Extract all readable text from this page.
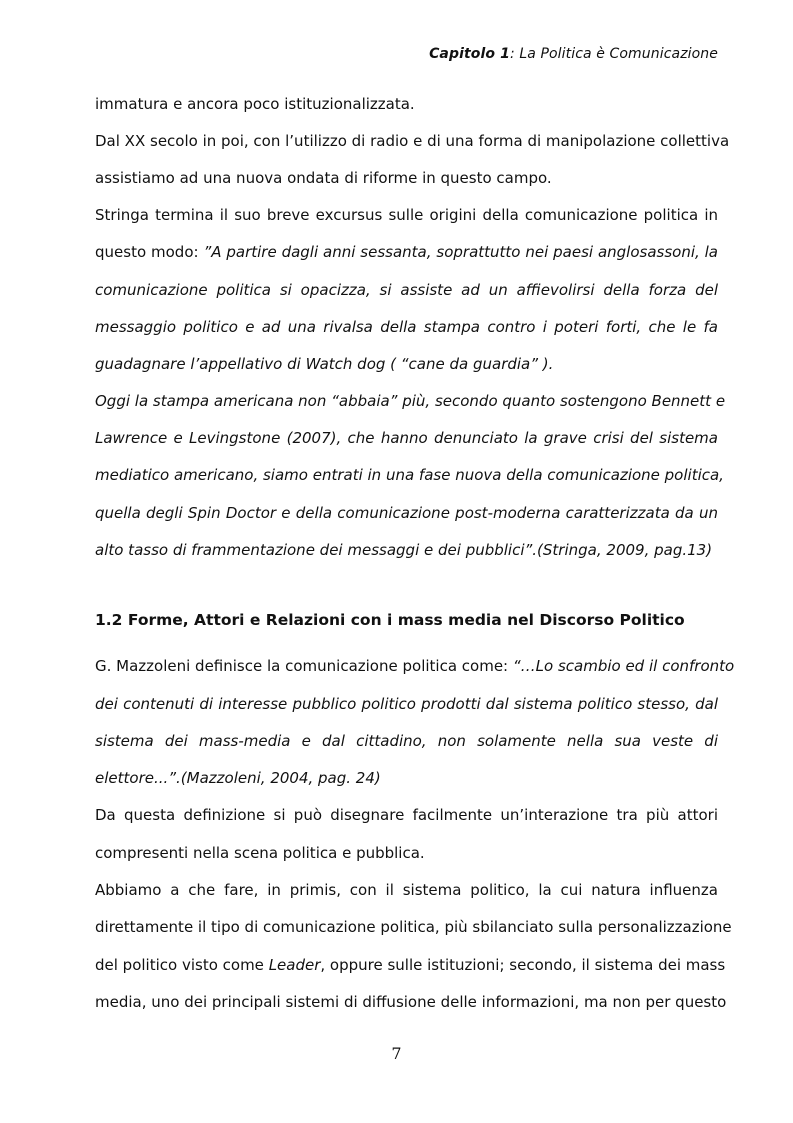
Capitolo 1: La Politica è Comunicazione
immatura e ancora poco istituzionalizzata.
Dal XX secolo in poi, con l’utilizzo di radio e di una forma di manipolazione collettiva
assistiamo ad una nuova ondata di riforme in questo campo.
Stringa termina il suo breve excursus sulle origini della comunicazione politica in
questo modo: ”A partire dagli anni sessanta, soprattutto nei paesi anglosassoni, la
comunicazione politica si opacizza, si assiste ad un affievolirsi della forza del
messaggio politico e ad una rivalsa della stampa contro i poteri forti, che le fa
guadagnare l’appellativo di Watch dog ( “cane da guardia” ).
Oggi la stampa americana non “abbaia” più, secondo quanto sostengono Bennett e
Lawrence e Levingstone (2007), che hanno denunciato la grave crisi del sistema
mediatico americano, siamo entrati in una fase nuova della comunicazione politica,
quella degli Spin Doctor e della comunicazione post-moderna caratterizzata da un
alto tasso di frammentazione dei messaggi e dei pubblici”.(Stringa, 2009, pag.13)
1.2 Forme, Attori e Relazioni con i mass media nel Discorso Politico
G. Mazzoleni definisce la comunicazione politica come: “…Lo scambio ed il confronto
dei contenuti di interesse pubblico politico prodotti dal sistema politico stesso, dal
sistema dei mass-media e dal cittadino, non solamente nella sua veste di
elettore...”.(Mazzoleni, 2004, pag. 24)
Da questa definizione si può disegnare facilmente un’interazione tra più attori
compresenti nella scena politica e pubblica.
Abbiamo a che fare, in primis, con il sistema politico, la cui natura influenza
direttamente il tipo di comunicazione politica, più sbilanciato sulla personalizzazione
del politico visto come Leader, oppure sulle istituzioni; secondo, il sistema dei mass
media, uno dei principali sistemi di diffusione delle informazioni, ma non per questo
7
